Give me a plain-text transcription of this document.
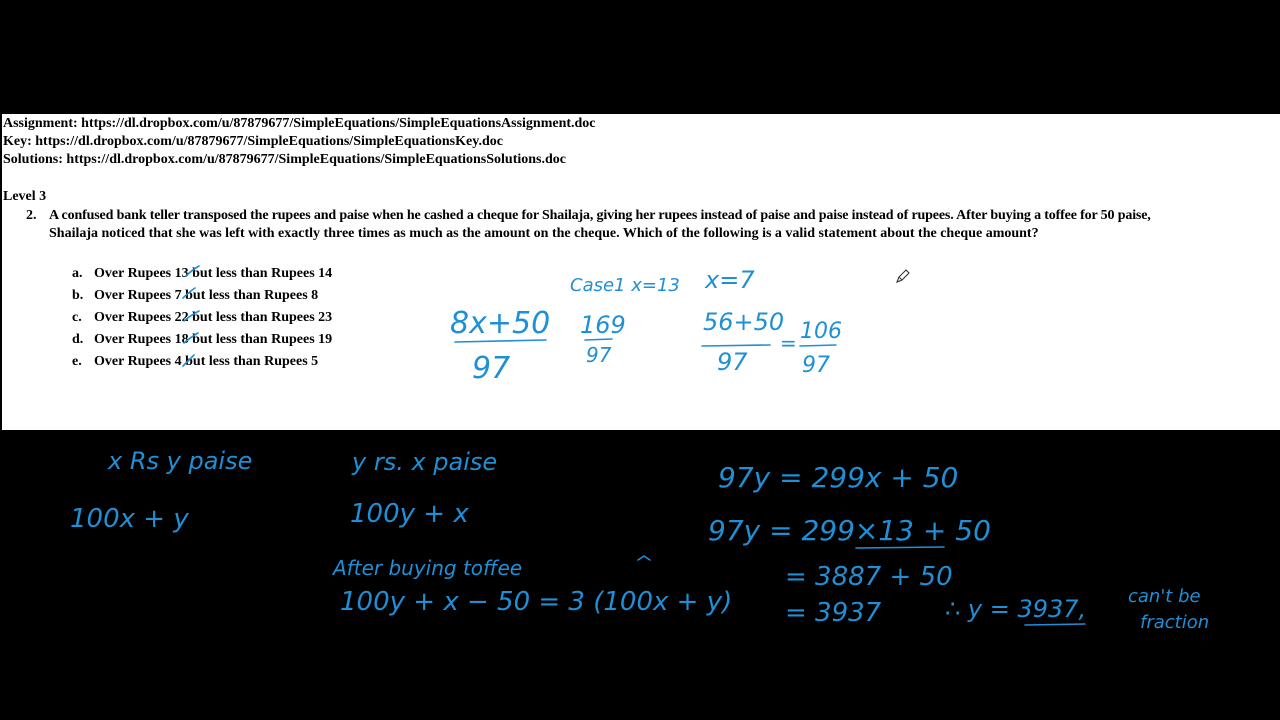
Assignment: https://dl.dropbox.com/u/87879677/SimpleEquations/SimpleEquationsAssignment.doc
Key: https://dl.dropbox.com/u/87879677/SimpleEquations/SimpleEquationsKey.doc
Solutions: https://dl.dropbox.com/u/87879677/SimpleEquations/SimpleEquationsSolutions.doc
Level 3
2. A confused bank teller transposed the rupees and paise when he cashed a cheque for Shailaja, giving her rupees instead of paise and paise instead of rupees. After buying a toffee for 50 paise,
Shailaja noticed that she was left with exactly three times as much as the amount on the cheque. Which of the following is a valid statement about the cheque amount?
a. Over Rupees 13 but less than Rupees 14
b. Over Rupees 7 but less than Rupees 8
c. Over Rupees 22 but less than Rupees 23
d. Over Rupees 18 but less than Rupees 19
e. Over Rupees 4 but less than Rupees 5
8x+50
97
Case1 x=13
169
97
x=7
56+50
97
= 106
97
x Rs y paise
100x + y
y rs. x paise
100y + x
After buying toffee
100y + x − 50 = 3 (100x + y)
97y = 299x + 50
97y = 299×13 + 50
= 3887 + 50
= 3937	∴ y = 3937, can't be
fraction
